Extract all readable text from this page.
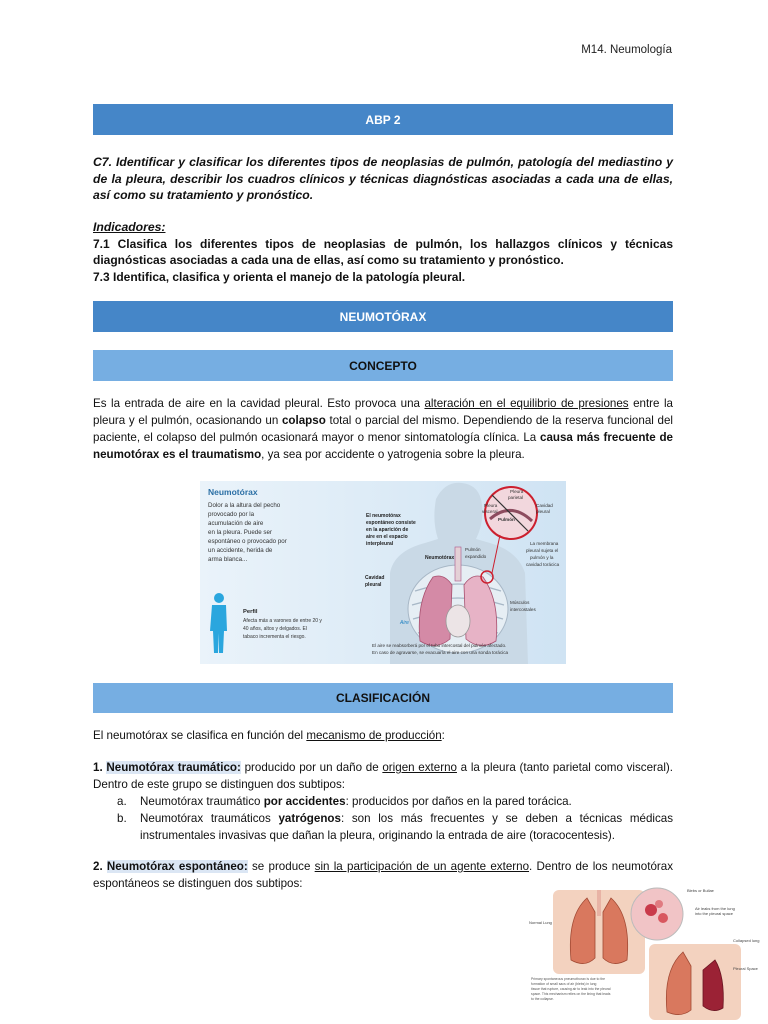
M14. Neumología
ABP 2
C7. Identificar y clasificar los diferentes tipos de neoplasias de pulmón, patología del mediastino y de la pleura, describir los cuadros clínicos y técnicas diagnósticas asociadas a cada una de ellas, así como su tratamiento y pronóstico.
Indicadores:
7.1 Clasifica los diferentes tipos de neoplasias de pulmón, los hallazgos clínicos y técnicas diagnósticas asociadas a cada una de ellas, así como su tratamiento y pronóstico.
7.3 Identifica, clasifica y orienta el manejo de la patología pleural.
NEUMOTÓRAX
CONCEPTO
Es la entrada de aire en la cavidad pleural. Esto provoca una alteración en el equilibrio de presiones entre la pleura y el pulmón, ocasionando un colapso total o parcial del mismo. Dependiendo de la reserva funcional del paciente, el colapso del pulmón ocasionará mayor o menor sintomatología clínica. La causa más frecuente de neumotórax es el traumatismo, ya sea por accidente o yatrogenia sobre la pleura.
Neumotórax
Dolor a la altura del pecho
provocado por la
acumulación de aire
en la pleura. Puede ser
espontáneo o provocado por
un accidente, herida de
arma blanca...
Perfil
Afecta más a varones de entre 20 y
40 años, altos y delgados. El
tabaco incrementa el riesgo.
El neumotórax
espontáneo consiste
en la aparición de
aire en el espacio
interpleural
Neumotórax
Cavidad
pleural
Pulmón
expandido
Pleura
parietal
Pleura
visceral
Cavidad
pleural
Pulmón
La membrana
pleural sujeta el
pulmón y la
cavidad torácica
Músculos
intercostales
Aire
El aire se reabsorberá por el tubo intercostal del pulmón afectado.
En caso de agravarse, se evacuaría el aire con una sonda torácica
CLASIFICACIÓN
El neumotórax se clasifica en función del mecanismo de producción:
1. Neumotórax traumático: producido por un daño de origen externo a la pleura (tanto parietal como visceral). Dentro de este grupo se distinguen dos subtipos:
a. Neumotórax traumático por accidentes: producidos por daños en la pared torácica.
b. Neumotórax traumáticos yatrógenos: son los más frecuentes y se deben a técnicas médicas instrumentales invasivas que dañan la pleura, originando la entrada de aire (toracocentesis).
2. Neumotórax espontáneo: se produce sin la participación de un agente externo. Dentro de los neumotórax espontáneos se distinguen dos subtipos:
Normal Lung
Blebs or Bullae
Air leaks from the lung
into the pleural space
Collapsed lung
Pleural Space
Primary spontaneous pneumothorax is due to the
formation of small sacs of air (blebs) in lung
tissue that rupture, causing air to leak into the pleural
space. This mechanism relies on the lining that leads
to the collapse.
